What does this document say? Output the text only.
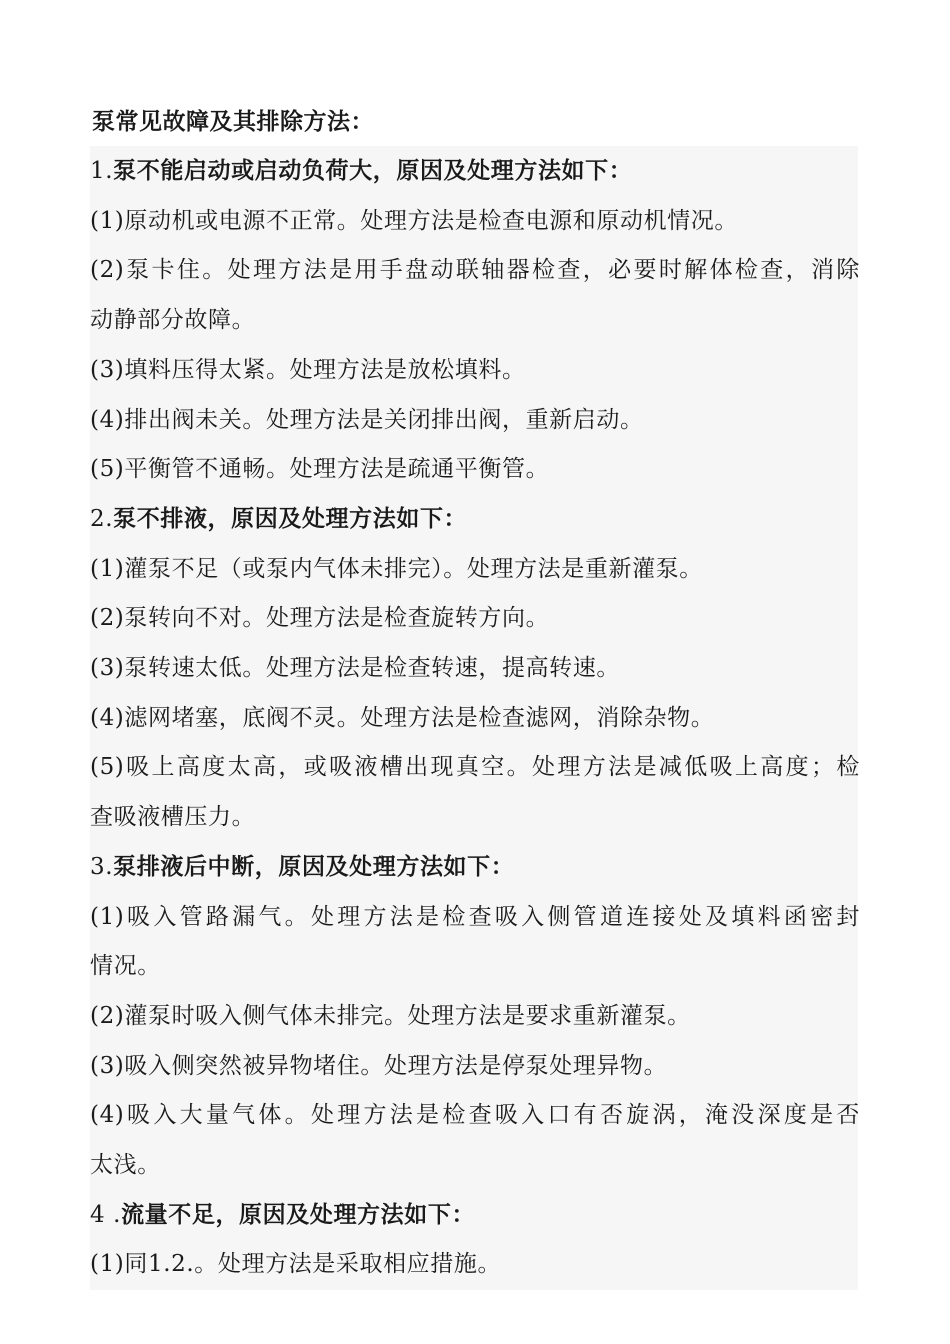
泵常见故障及其排除方法：
1.泵不能启动或启动负荷大，原因及处理方法如下：
(1)原动机或电源不正常。处理方法是检查电源和原动机情况。
(2)泵卡住。处理方法是用手盘动联轴器检查，必要时解体检查，消除
动静部分故障。
(3)填料压得太紧。处理方法是放松填料。
(4)排出阀未关。处理方法是关闭排出阀，重新启动。
(5)平衡管不通畅。处理方法是疏通平衡管。
2.泵不排液，原因及处理方法如下：
(1)灌泵不足（或泵内气体未排完）。处理方法是重新灌泵。
(2)泵转向不对。处理方法是检查旋转方向。
(3)泵转速太低。处理方法是检查转速，提高转速。
(4)滤网堵塞，底阀不灵。处理方法是检查滤网，消除杂物。
(5)吸上高度太高，或吸液槽出现真空。处理方法是减低吸上高度；检
查吸液槽压力。
3.泵排液后中断，原因及处理方法如下：
(1)吸入管路漏气。处理方法是检查吸入侧管道连接处及填料函密封
情况。
(2)灌泵时吸入侧气体未排完。处理方法是要求重新灌泵。
(3)吸入侧突然被异物堵住。处理方法是停泵处理异物。
(4)吸入大量气体。处理方法是检查吸入口有否旋涡，淹没深度是否
太浅。
4 .流量不足，原因及处理方法如下：
(1)同1.2.。处理方法是采取相应措施。
